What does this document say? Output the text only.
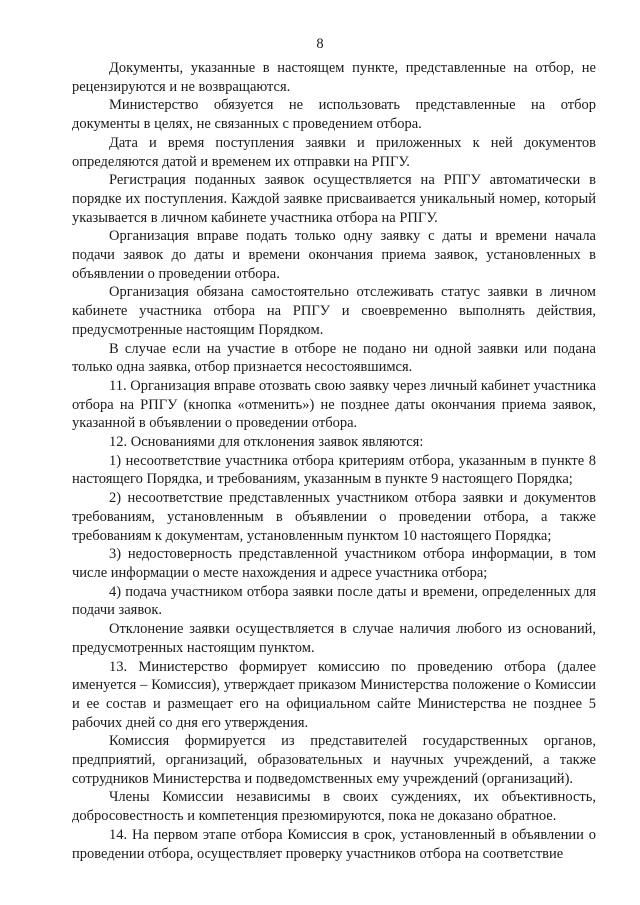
8

Документы, указанные в настоящем пункте, представленные на отбор, не рецензируются и не возвращаются.

Министерство обязуется не использовать представленные на отбор документы в целях, не связанных с проведением отбора.

Дата и время поступления заявки и приложенных к ней документов определяются датой и временем их отправки на РПГУ.

Регистрация поданных заявок осуществляется на РПГУ автоматически в порядке их поступления. Каждой заявке присваивается уникальный номер, который указывается в личном кабинете участника отбора на РПГУ.

Организация вправе подать только одну заявку с даты и времени начала подачи заявок до даты и времени окончания приема заявок, установленных в объявлении о проведении отбора.

Организация обязана самостоятельно отслеживать статус заявки в личном кабинете участника отбора на РПГУ и своевременно выполнять действия, предусмотренные настоящим Порядком.

В случае если на участие в отборе не подано ни одной заявки или подана только одна заявка, отбор признается несостоявшимся.

11. Организация вправе отозвать свою заявку через личный кабинет участника отбора на РПГУ (кнопка «отменить») не позднее даты окончания приема заявок, указанной в объявлении о проведении отбора.

12. Основаниями для отклонения заявок являются:

1) несоответствие участника отбора критериям отбора, указанным в пункте 8 настоящего Порядка, и требованиям, указанным в пункте 9 настоящего Порядка;

2) несоответствие представленных участником отбора заявки и документов требованиям, установленным в объявлении о проведении отбора, а также требованиям к документам, установленным пунктом 10 настоящего Порядка;

3) недостоверность представленной участником отбора информации, в том числе информации о месте нахождения и адресе участника отбора;

4) подача участником отбора заявки после даты и времени, определенных для подачи заявок.

Отклонение заявки осуществляется в случае наличия любого из оснований, предусмотренных настоящим пунктом.

13. Министерство формирует комиссию по проведению отбора (далее именуется – Комиссия), утверждает приказом Министерства положение о Комиссии и ее состав и размещает его на официальном сайте Министерства не позднее 5 рабочих дней со дня его утверждения.

Комиссия формируется из представителей государственных органов, предприятий, организаций, образовательных и научных учреждений, а также сотрудников Министерства и подведомственных ему учреждений (организаций).

Члены Комиссии независимы в своих суждениях, их объективность, добросовестность и компетенция презюмируются, пока не доказано обратное.

14. На первом этапе отбора Комиссия в срок, установленный в объявлении о проведении отбора, осуществляет проверку участников отбора на соответствие
